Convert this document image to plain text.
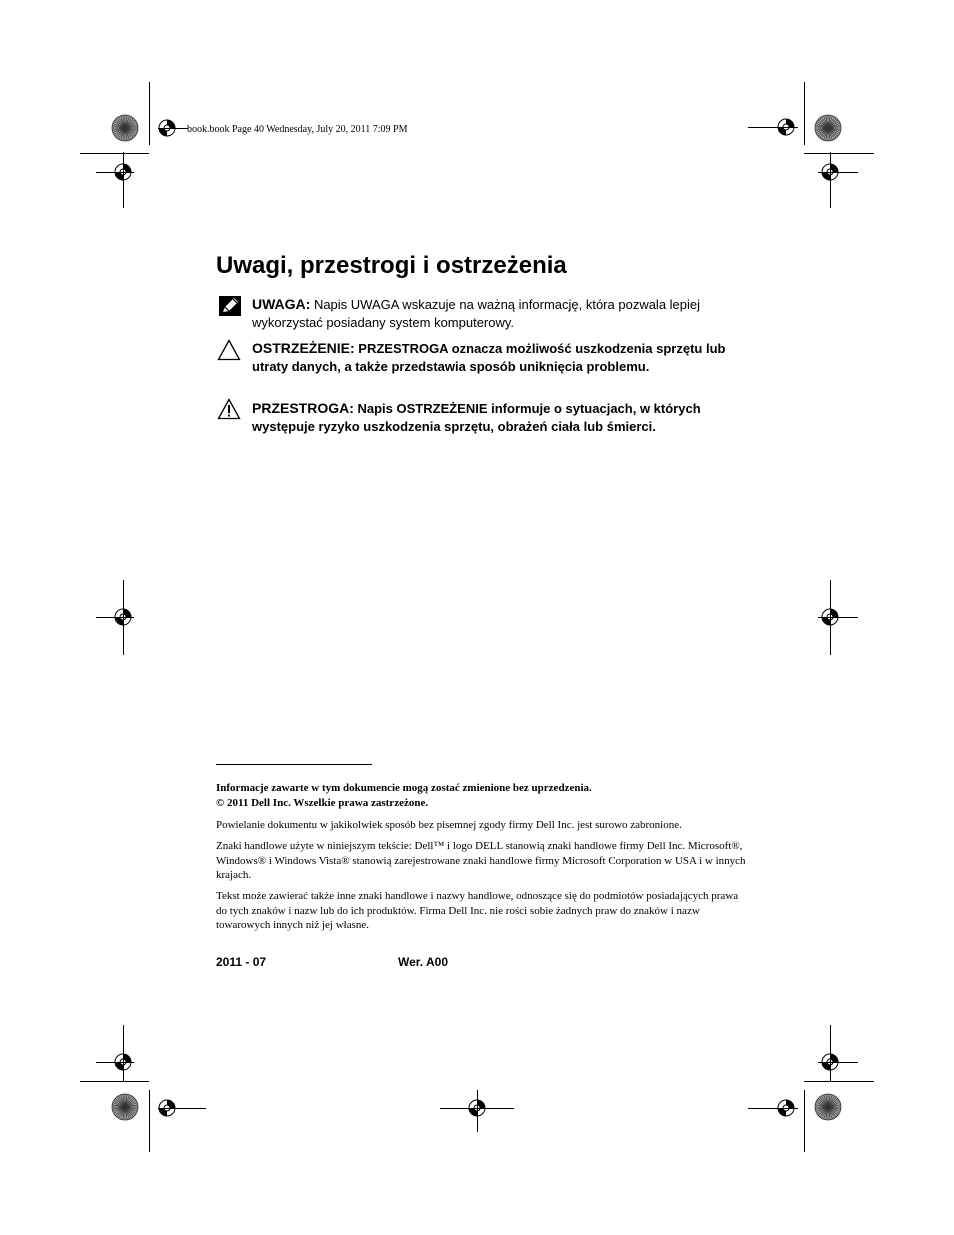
book.book Page 40 Wednesday, July 20, 2011 7:09 PM
Uwagi, przestrogi i ostrzeżenia
UWAGA: Napis UWAGA wskazuje na ważną informację, która pozwala lepiej wykorzystać posiadany system komputerowy.
OSTRZEŻENIE: PRZESTROGA oznacza możliwość uszkodzenia sprzętu lub utraty danych, a także przedstawia sposób uniknięcia problemu.
PRZESTROGA: Napis OSTRZEŻENIE informuje o sytuacjach, w których występuje ryzyko uszkodzenia sprzętu, obrażeń ciała lub śmierci.
Informacje zawarte w tym dokumencie mogą zostać zmienione bez uprzedzenia.
© 2011 Dell Inc. Wszelkie prawa zastrzeżone.
Powielanie dokumentu w jakikolwiek sposób bez pisemnej zgody firmy Dell Inc. jest surowo zabronione.
Znaki handlowe użyte w niniejszym tekście: Dell™ i logo DELL stanowią znaki handlowe firmy Dell Inc. Microsoft®, Windows® i Windows Vista® stanowią zarejestrowane znaki handlowe firmy Microsoft Corporation w USA i w innych krajach.
Tekst może zawierać także inne znaki handlowe i nazwy handlowe, odnoszące się do podmiotów posiadających prawa do tych znaków i nazw lub do ich produktów. Firma Dell Inc. nie rości sobie żadnych praw do znaków i nazw towarowych innych niż jej własne.
2011 - 07	Wer. A00
